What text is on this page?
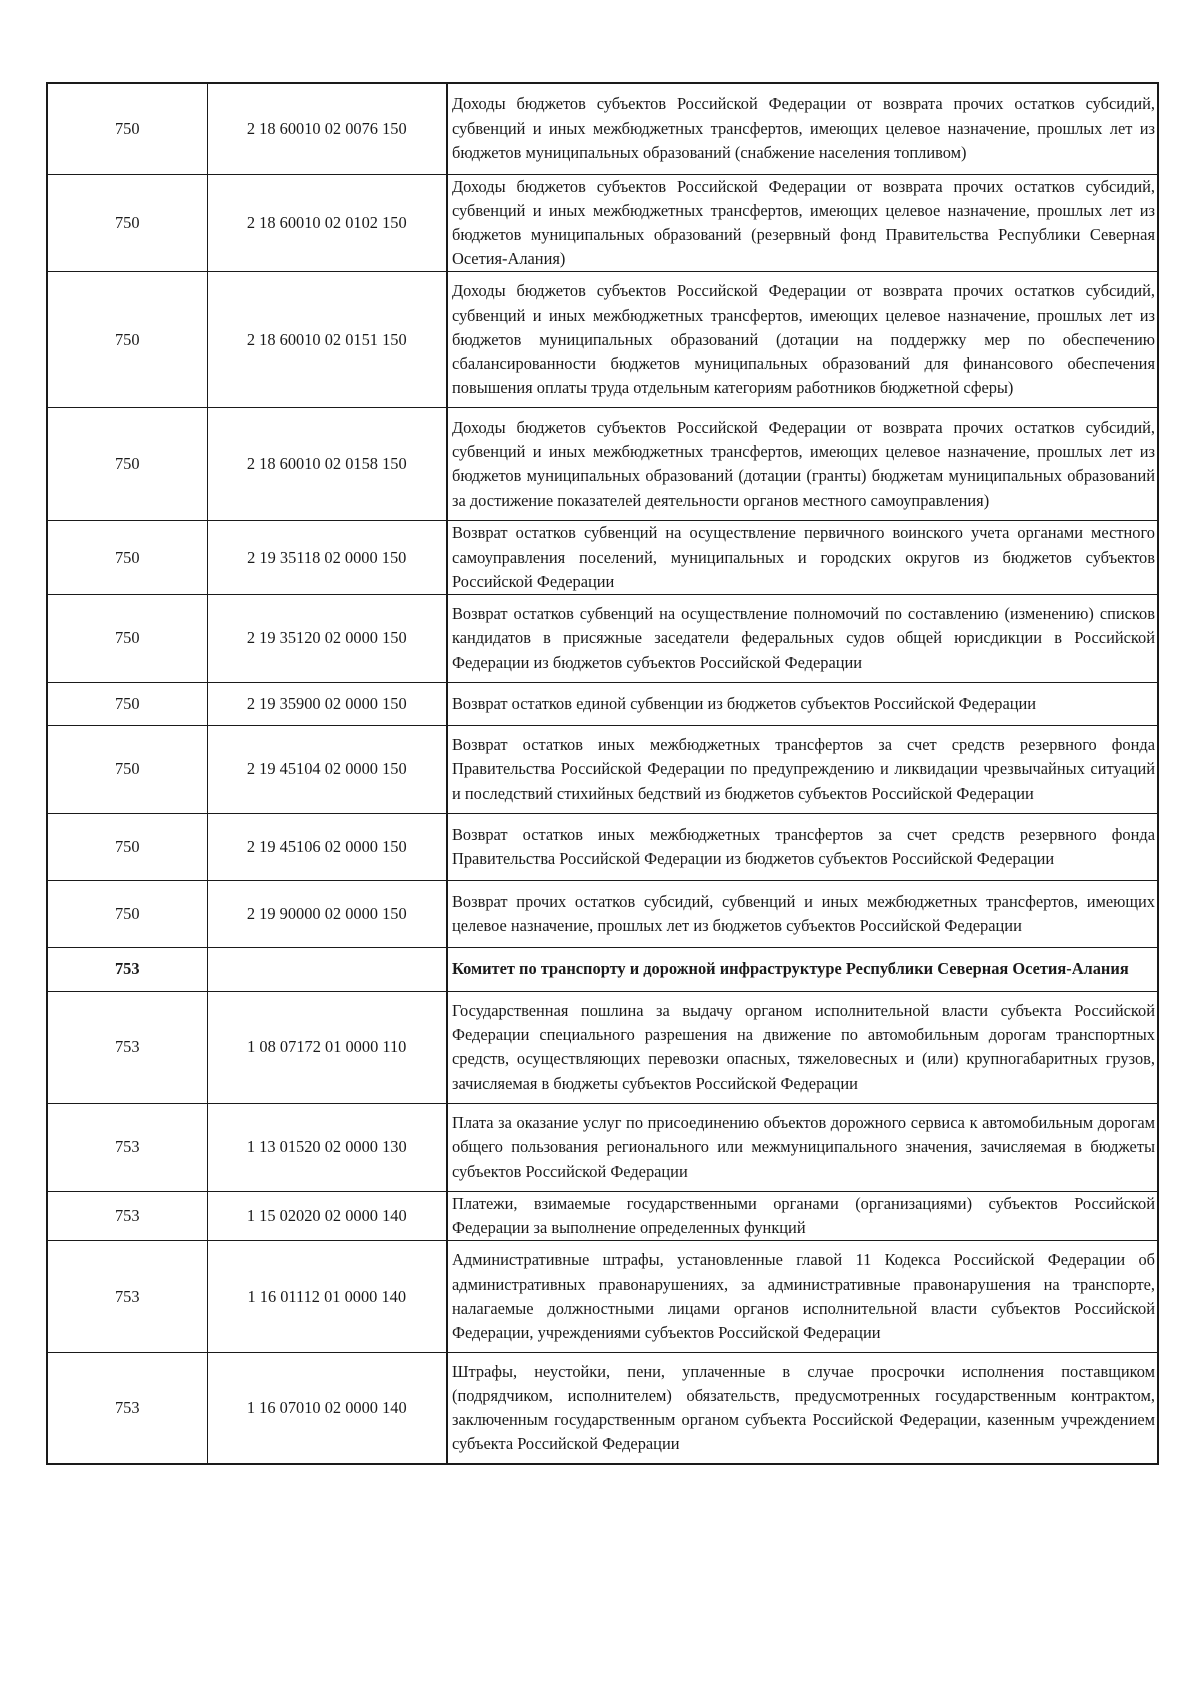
750	2 18 60010 02 0076 150	Доходы бюджетов субъектов Российской Федерации от возврата прочих остатков субсидий, субвенций и иных межбюджетных трансфертов, имеющих целевое назначение, прошлых лет из бюджетов муниципальных образований (снабжение населения топливом)
750	2 18 60010 02 0102 150	Доходы бюджетов субъектов Российской Федерации от возврата прочих остатков субсидий, субвенций и иных межбюджетных трансфертов, имеющих целевое назначение, прошлых лет из бюджетов муниципальных образований (резервный фонд Правительства Республики Северная Осетия-Алания)
750	2 18 60010 02 0151 150	Доходы бюджетов субъектов Российской Федерации от возврата прочих остатков субсидий, субвенций и иных межбюджетных трансфертов, имеющих целевое назначение, прошлых лет из бюджетов муниципальных образований (дотации на поддержку мер по обеспечению сбалансированности бюджетов муниципальных образований для финансового обеспечения повышения оплаты труда отдельным категориям работников бюджетной сферы)
750	2 18 60010 02 0158 150	Доходы бюджетов субъектов Российской Федерации от возврата прочих остатков субсидий, субвенций и иных межбюджетных трансфертов, имеющих целевое назначение, прошлых лет из бюджетов муниципальных образований (дотации (гранты) бюджетам муниципальных образований за достижение показателей деятельности органов местного самоуправления)
750	2 19 35118 02 0000 150	Возврат остатков субвенций на осуществление первичного воинского учета органами местного самоуправления поселений, муниципальных и городских округов из бюджетов субъектов Российской Федерации
750	2 19 35120 02 0000 150	Возврат остатков субвенций на осуществление полномочий по составлению (изменению) списков кандидатов в присяжные заседатели федеральных судов общей юрисдикции в Российской Федерации из бюджетов субъектов Российской Федерации
750	2 19 35900 02 0000 150	Возврат остатков единой субвенции из бюджетов субъектов Российской Федерации
750	2 19 45104 02 0000 150	Возврат остатков иных межбюджетных трансфертов за счет средств резервного фонда Правительства Российской Федерации по предупреждению и ликвидации чрезвычайных ситуаций и последствий стихийных бедствий из бюджетов субъектов Российской Федерации
750	2 19 45106 02 0000 150	Возврат остатков иных межбюджетных трансфертов за счет средств резервного фонда Правительства Российской Федерации из бюджетов субъектов Российской Федерации
750	2 19 90000 02 0000 150	Возврат прочих остатков субсидий, субвенций и иных межбюджетных трансфертов, имеющих целевое назначение, прошлых лет из бюджетов субъектов Российской Федерации
753		Комитет по транспорту и дорожной инфраструктуре Республики Северная Осетия-Алания
753	1 08 07172 01 0000 110	Государственная пошлина за выдачу органом исполнительной власти субъекта Российской Федерации специального разрешения на движение по автомобильным дорогам транспортных средств, осуществляющих перевозки опасных, тяжеловесных и (или) крупногабаритных грузов, зачисляемая в бюджеты субъектов Российской Федерации
753	1 13 01520 02 0000 130	Плата за оказание услуг по присоединению объектов дорожного сервиса к автомобильным дорогам общего пользования регионального или межмуниципального значения, зачисляемая в бюджеты субъектов Российской Федерации
753	1 15 02020 02 0000 140	Платежи, взимаемые государственными органами (организациями) субъектов Российской Федерации за выполнение определенных функций
753	1 16 01112 01 0000 140	Административные штрафы, установленные главой 11 Кодекса Российской Федерации об административных правонарушениях, за административные правонарушения на транспорте, налагаемые должностными лицами органов исполнительной власти субъектов Российской Федерации, учреждениями субъектов Российской Федерации
753	1 16 07010 02 0000 140	Штрафы, неустойки, пени, уплаченные в случае просрочки исполнения поставщиком (подрядчиком, исполнителем) обязательств, предусмотренных государственным контрактом, заключенным государственным органом субъекта Российской Федерации, казенным учреждением субъекта Российской Федерации
